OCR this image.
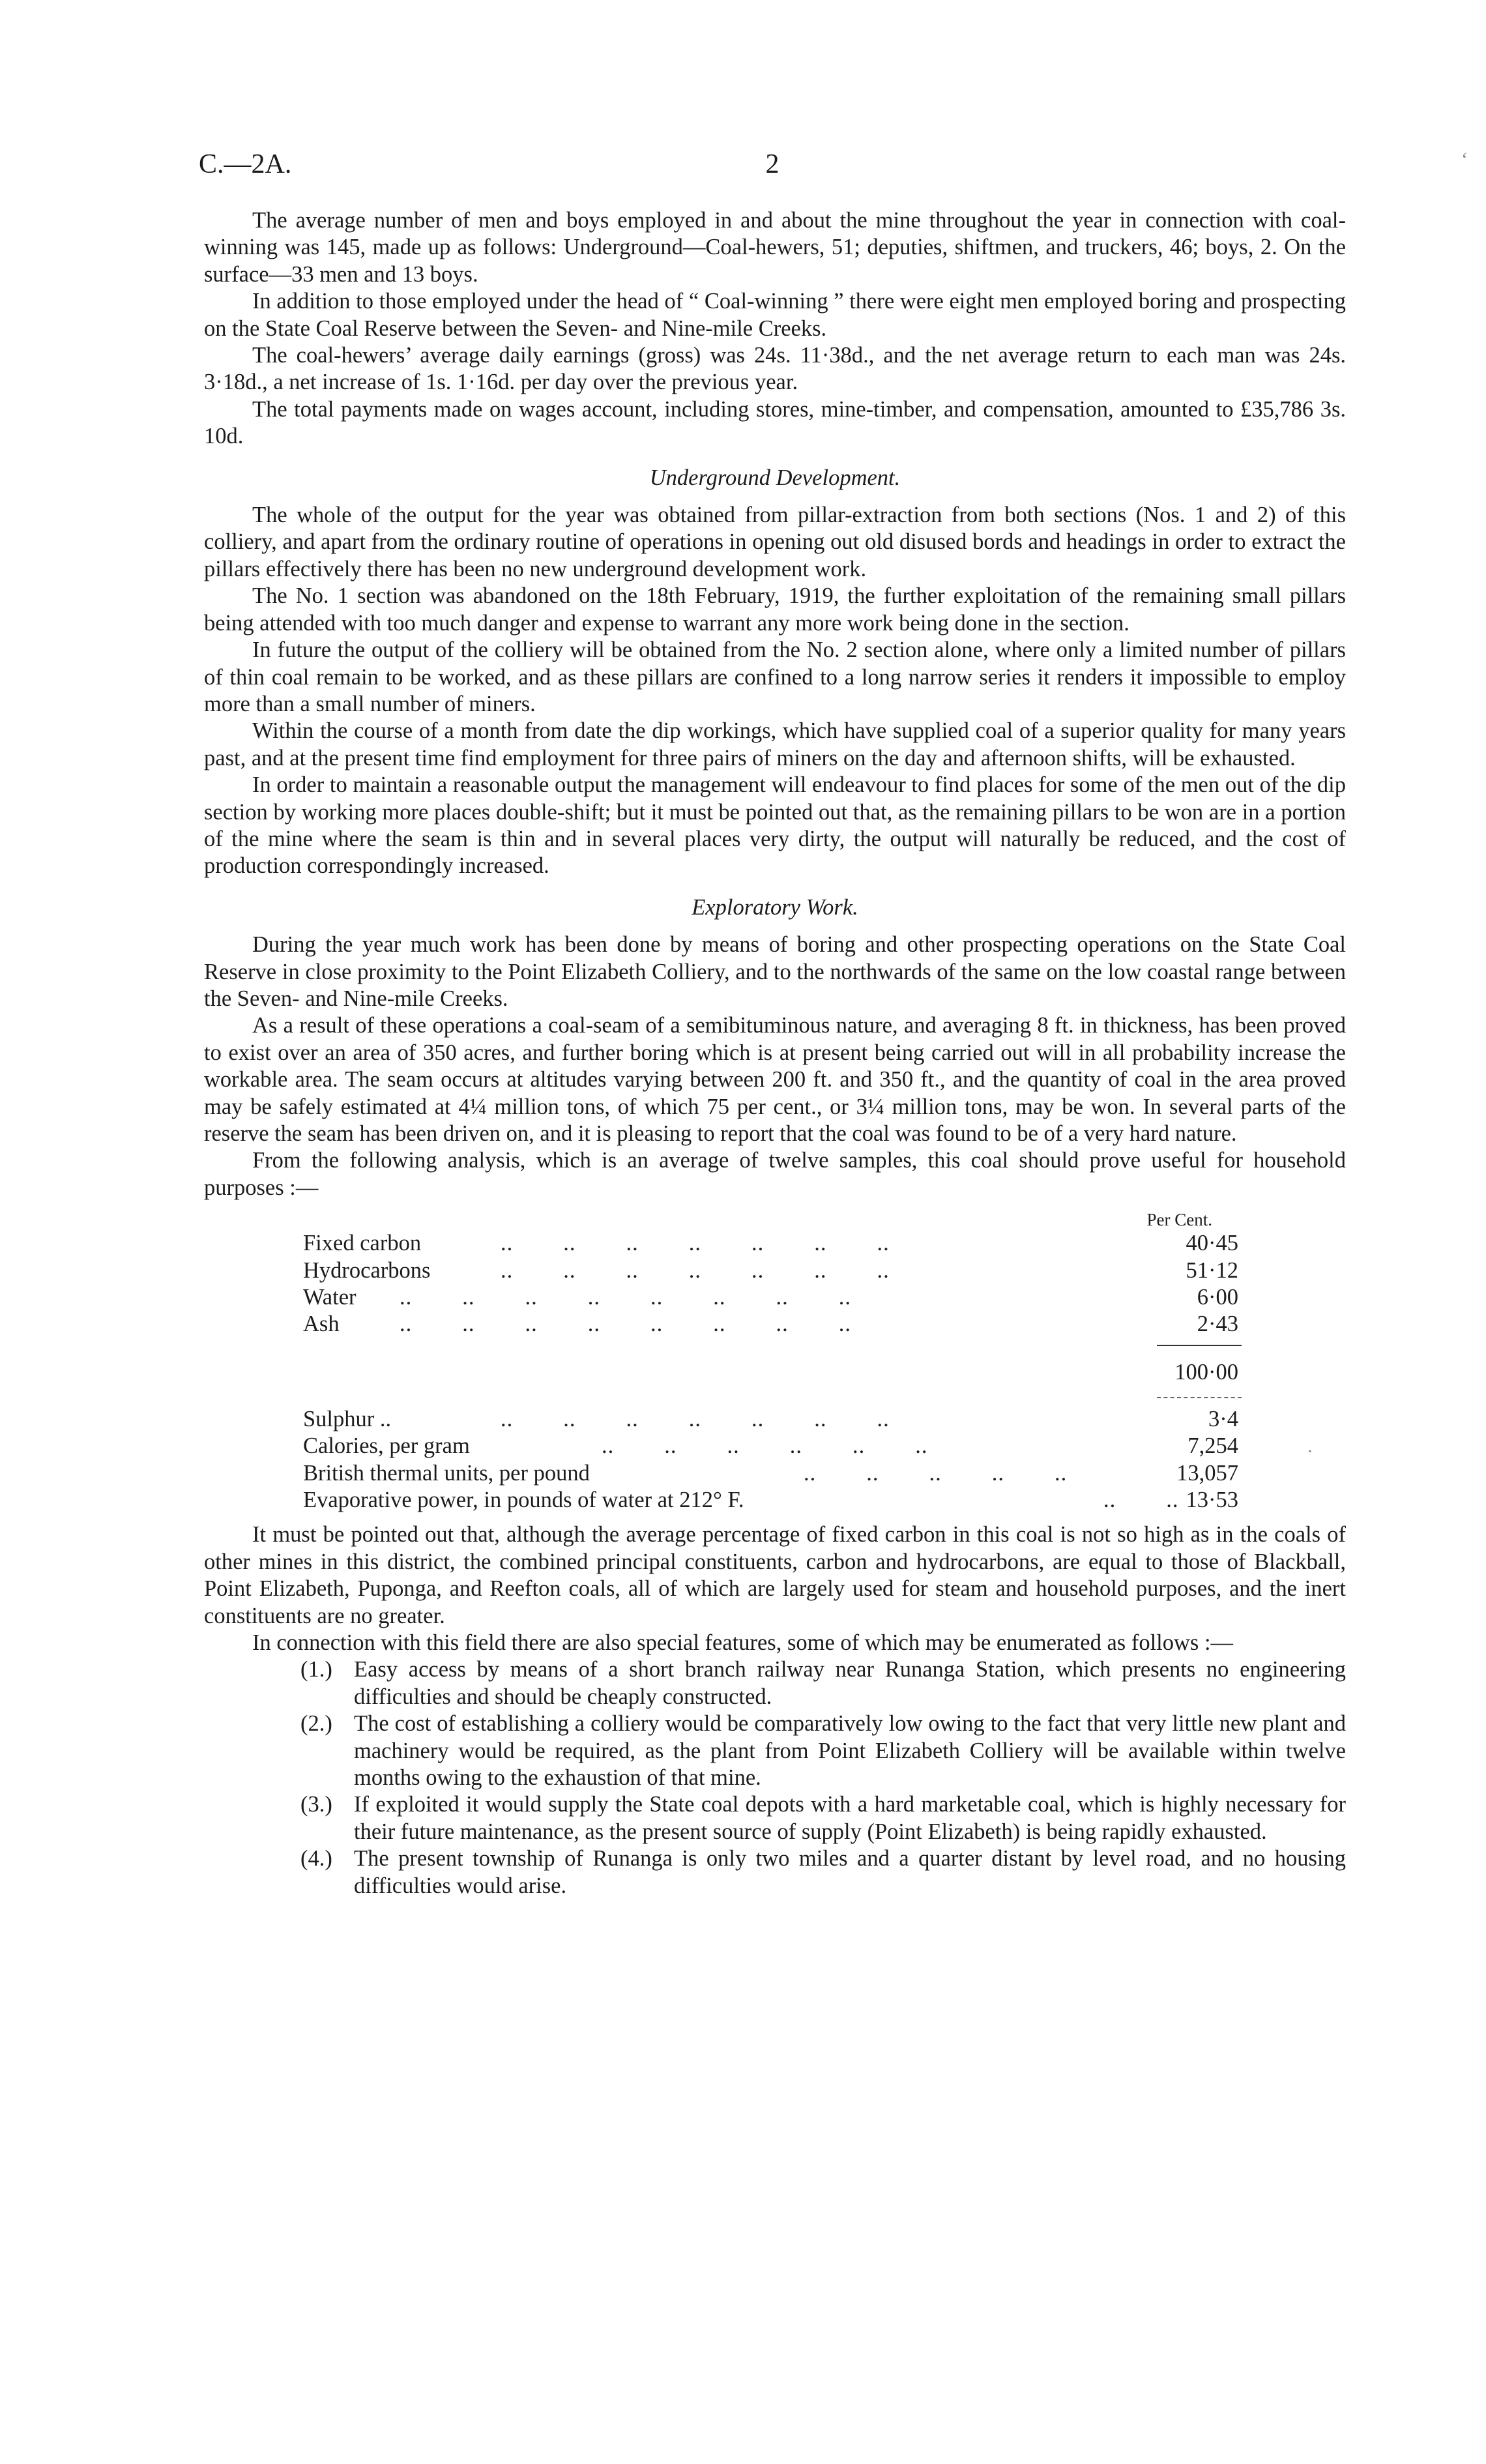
C.—2A.	2

The average number of men and boys employed in and about the mine throughout the year in connection with coal-winning was 145, made up as follows: Underground—Coal-hewers, 51; deputies, shiftmen, and truckers, 46; boys, 2. On the surface—33 men and 13 boys.

In addition to those employed under the head of “ Coal-winning ” there were eight men employed boring and prospecting on the State Coal Reserve between the Seven- and Nine-mile Creeks.

The coal-hewers’ average daily earnings (gross) was 24s. 11·38d., and the net average return to each man was 24s. 3·18d., a net increase of 1s. 1·16d. per day over the previous year.

The total payments made on wages account, including stores, mine-timber, and compensation, amounted to £35,786 3s. 10d.

Underground Development.

The whole of the output for the year was obtained from pillar-extraction from both sections (Nos. 1 and 2) of this colliery, and apart from the ordinary routine of operations in opening out old disused bords and headings in order to extract the pillars effectively there has been no new underground development work.

The No. 1 section was abandoned on the 18th February, 1919, the further exploitation of the remaining small pillars being attended with too much danger and expense to warrant any more work being done in the section.

In future the output of the colliery will be obtained from the No. 2 section alone, where only a limited number of pillars of thin coal remain to be worked, and as these pillars are confined to a long narrow series it renders it impossible to employ more than a small number of miners.

Within the course of a month from date the dip workings, which have supplied coal of a superior quality for many years past, and at the present time find employment for three pairs of miners on the day and afternoon shifts, will be exhausted.

In order to maintain a reasonable output the management will endeavour to find places for some of the men out of the dip section by working more places double-shift; but it must be pointed out that, as the remaining pillars to be won are in a portion of the mine where the seam is thin and in several places very dirty, the output will naturally be reduced, and the cost of production correspondingly increased.

Exploratory Work.

During the year much work has been done by means of boring and other prospecting operations on the State Coal Reserve in close proximity to the Point Elizabeth Colliery, and to the northwards of the same on the low coastal range between the Seven- and Nine-mile Creeks.

As a result of these operations a coal-seam of a semibituminous nature, and averaging 8 ft. in thickness, has been proved to exist over an area of 350 acres, and further boring which is at present being carried out will in all probability increase the workable area. The seam occurs at altitudes varying between 200 ft. and 350 ft., and the quantity of coal in the area proved may be safely estimated at 4¼ million tons, of which 75 per cent., or 3¼ million tons, may be won. In several parts of the reserve the seam has been driven on, and it is pleasing to report that the coal was found to be of a very hard nature.

From the following analysis, which is an average of twelve samples, this coal should prove useful for household purposes :—

Per Cent.
Fixed carbon	..        ..        ..        ..        ..        ..        ..	40·45
Hydrocarbons	..        ..        ..        ..        ..        ..        ..	51·12
Water ..        ..        ..        ..        ..        ..        ..        ..	6·00
Ash	..        ..        ..        ..        ..        ..        ..        ..	2·43
100·00
Sulphur ..	..        ..        ..        ..        ..        ..        ..	3·4
Calories, per gram	..        ..        ..        ..        ..        ..	7,254
British thermal units, per pound	..        ..        ..        ..        ..	13,057
Evaporative power, in pounds of water at 212° F.	..        .. 13·53

It must be pointed out that, although the average percentage of fixed carbon in this coal is not so high as in the coals of other mines in this district, the combined principal constituents, carbon and hydrocarbons, are equal to those of Blackball, Point Elizabeth, Puponga, and Reefton coals, all of which are largely used for steam and household purposes, and the inert constituents are no greater.

In connection with this field there are also special features, some of which may be enumerated as follows :—

(1.) Easy access by means of a short branch railway near Runanga Station, which presents no engineering difficulties and should be cheaply constructed.
(2.) The cost of establishing a colliery would be comparatively low owing to the fact that very little new plant and machinery would be required, as the plant from Point Elizabeth Colliery will be available within twelve months owing to the exhaustion of that mine.
(3.) If exploited it would supply the State coal depots with a hard marketable coal, which is highly necessary for their future maintenance, as the present source of supply (Point Elizabeth) is being rapidly exhausted.
(4.) The present township of Runanga is only two miles and a quarter distant by level road, and no housing difficulties would arise.
‘
·
